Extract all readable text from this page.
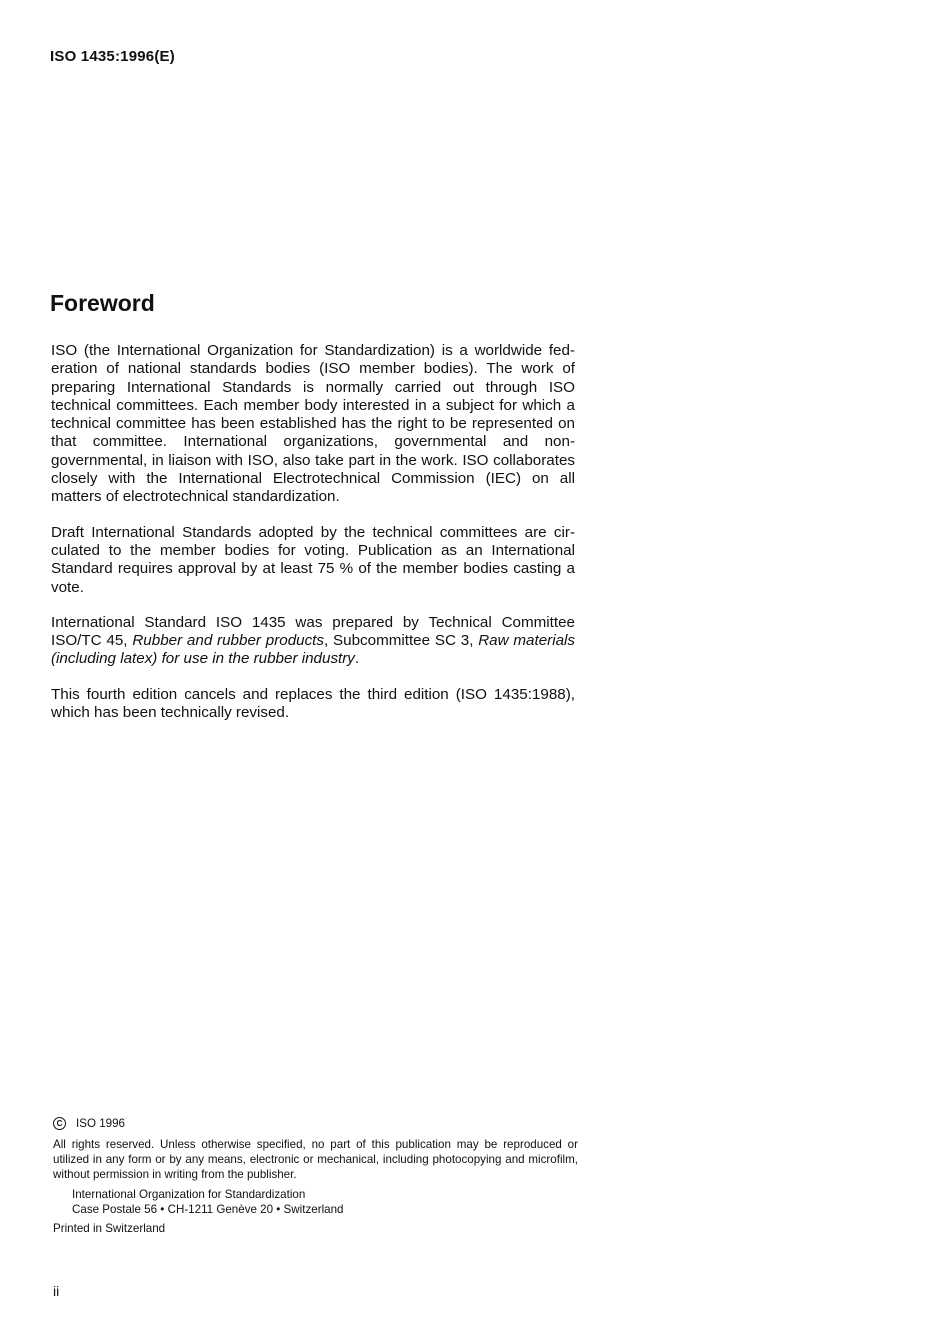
ISO 1435:1996(E)
Foreword

ISO (the International Organization for Standardization) is a worldwide federation of national standards bodies (ISO member bodies). The work of preparing International Standards is normally carried out through ISO technical committees. Each member body interested in a subject for which a technical committee has been established has the right to be represented on that committee. International organizations, governmental and non-governmental, in liaison with ISO, also take part in the work. ISO collaborates closely with the International Electrotechnical Commission (IEC) on all matters of electrotechnical standardization.

Draft International Standards adopted by the technical committees are circulated to the member bodies for voting. Publication as an International Standard requires approval by at least 75 % of the member bodies casting a vote.

International Standard ISO 1435 was prepared by Technical Committee ISO/TC 45, Rubber and rubber products, Subcommittee SC 3, Raw materials (including latex) for use in the rubber industry.

This fourth edition cancels and replaces the third edition (ISO 1435:1988), which has been technically revised.

C	ISO 1996
All rights reserved. Unless otherwise specified, no part of this publication may be reproduced or utilized in any form or by any means, electronic or mechanical, including photocopying and microfilm, without permission in writing from the publisher.
International Organization for Standardization
Case Postale 56 • CH-1211 Genève 20 • Switzerland
Printed in Switzerland
ii
